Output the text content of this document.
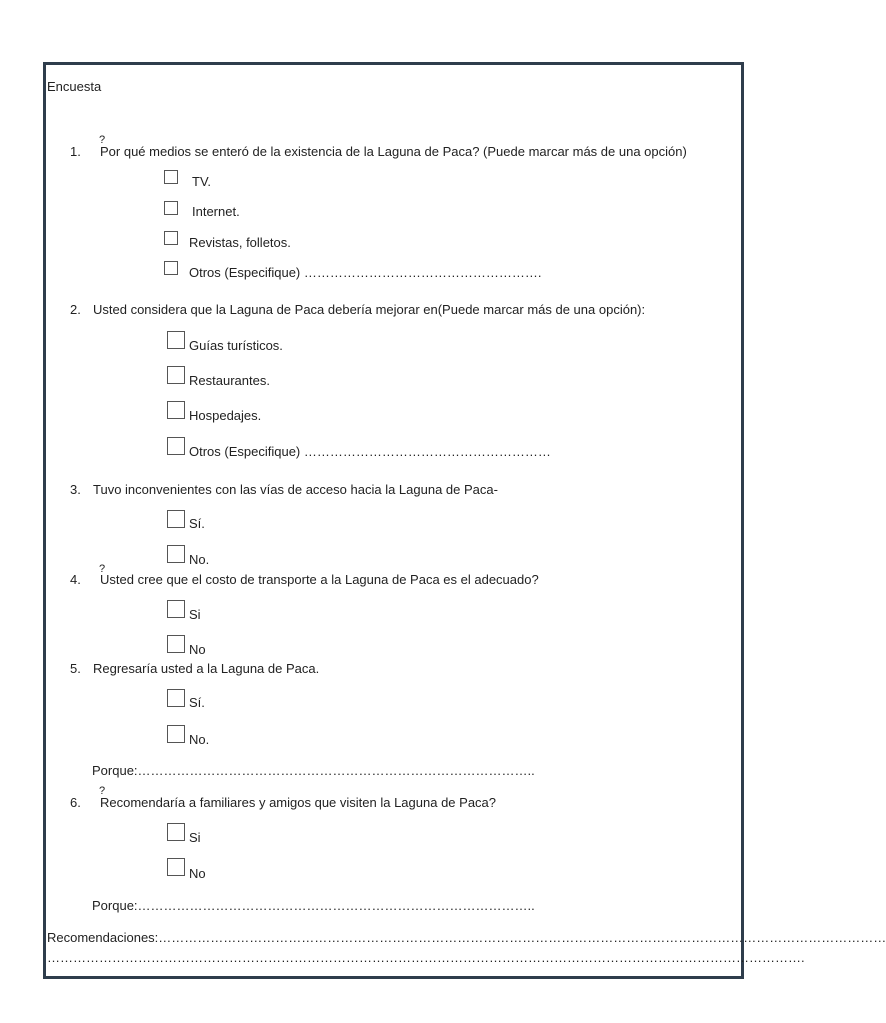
Encuesta
?
1. Por qué medios se enteró de la existencia de la Laguna de Paca? (Puede marcar más de una opción)
TV.
Internet.
Revistas, folletos.
Otros (Especifique) ……………………………………………….
2. Usted considera que la Laguna de Paca debería mejorar en(Puede marcar más de una opción):
Guías turísticos.
Restaurantes.
Hospedajes.
Otros (Especifique) …………………………………………………
3. Tuvo inconvenientes con las vías de acceso hacia la Laguna de Paca-
Sí.
No.
?
4. Usted cree que el costo de transporte a la Laguna de Paca es el adecuado?
Si
No
5. Regresaría usted a la Laguna de Paca.
Sí.
No.
Porque:………………………………………………………………………………..
?
6. Recomendaría a familiares y amigos que visiten la Laguna de Paca?
Si
No
Porque:………………………………………………………………………………..
Recomendaciones:……………………………………………………………………………………………………………………………………………………
………………………………………………………………………………………………………………………………………………………….
